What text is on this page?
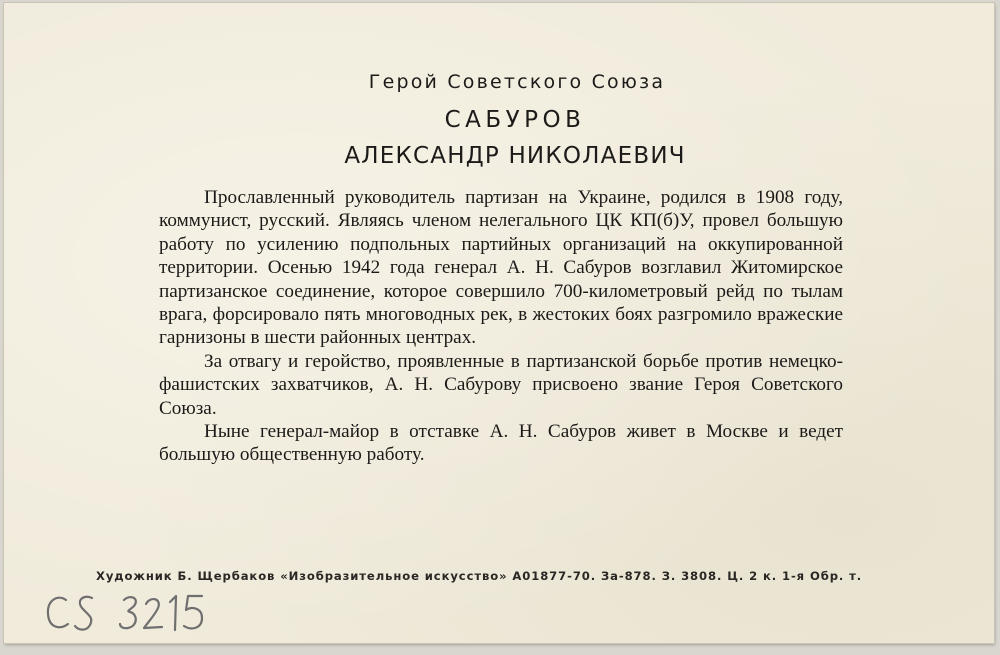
Герой Советского Союза
САБУРОВ
АЛЕКСАНДР НИКОЛАЕВИЧ

Прославленный руководитель партизан на Украине, родился в 1908 году, коммунист, русский. Являясь членом нелегального ЦК КП(б)У, провел большую работу по усилению подпольных партийных организаций на оккупированной территории. Осенью 1942 года генерал А. Н. Сабуров возглавил Житомирское партизанское соединение, которое совершило 700-километровый рейд по тылам врага, форсировало пять многоводных рек, в жестоких боях разгромило вражеские гарнизоны в шести районных центрах.

За отвагу и геройство, проявленные в партизанской борьбе против немецко-фашистских захватчиков, А. Н. Сабурову присвоено звание Героя Советского Союза.

Ныне генерал-майор в отставке А. Н. Сабуров живет в Москве и ведет большую общественную работу.

Художник Б. Щербаков «Изобразительное искусство» А01877-70. За-878. З. 3808. Ц. 2 к. 1-я Обр. т.
